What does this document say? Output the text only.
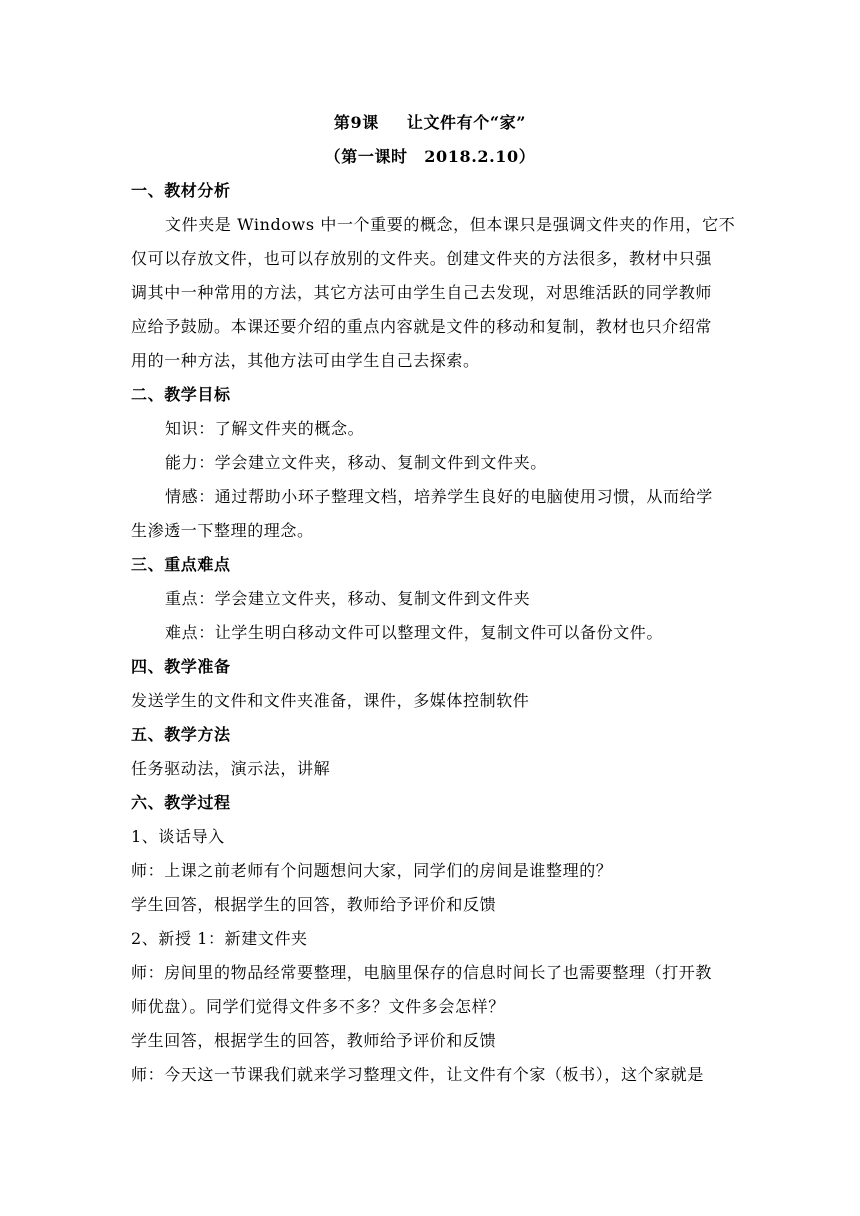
第9课 让文件有个“家”
（第一课时　2018.2.10）
一、教材分析
文件夹是 Windows 中一个重要的概念，但本课只是强调文件夹的作用，它不
仅可以存放文件，也可以存放别的文件夹。创建文件夹的方法很多，教材中只强
调其中一种常用的方法，其它方法可由学生自己去发现，对思维活跃的同学教师
应给予鼓励。本课还要介绍的重点内容就是文件的移动和复制，教材也只介绍常
用的一种方法，其他方法可由学生自己去探索。
二、教学目标
知识：了解文件夹的概念。
能力：学会建立文件夹，移动、复制文件到文件夹。
情感：通过帮助小环子整理文档，培养学生良好的电脑使用习惯，从而给学
生渗透一下整理的理念。
三、重点难点
重点：学会建立文件夹，移动、复制文件到文件夹
难点：让学生明白移动文件可以整理文件，复制文件可以备份文件。
四、教学准备
发送学生的文件和文件夹准备，课件，多媒体控制软件
五、教学方法
任务驱动法，演示法，讲解
六、教学过程
1、谈话导入
师：上课之前老师有个问题想问大家，同学们的房间是谁整理的？
学生回答，根据学生的回答，教师给予评价和反馈
2、新授 1：新建文件夹
师：房间里的物品经常要整理，电脑里保存的信息时间长了也需要整理（打开教
师优盘）。同学们觉得文件多不多？文件多会怎样？
学生回答，根据学生的回答，教师给予评价和反馈
师：今天这一节课我们就来学习整理文件，让文件有个家（板书），这个家就是
